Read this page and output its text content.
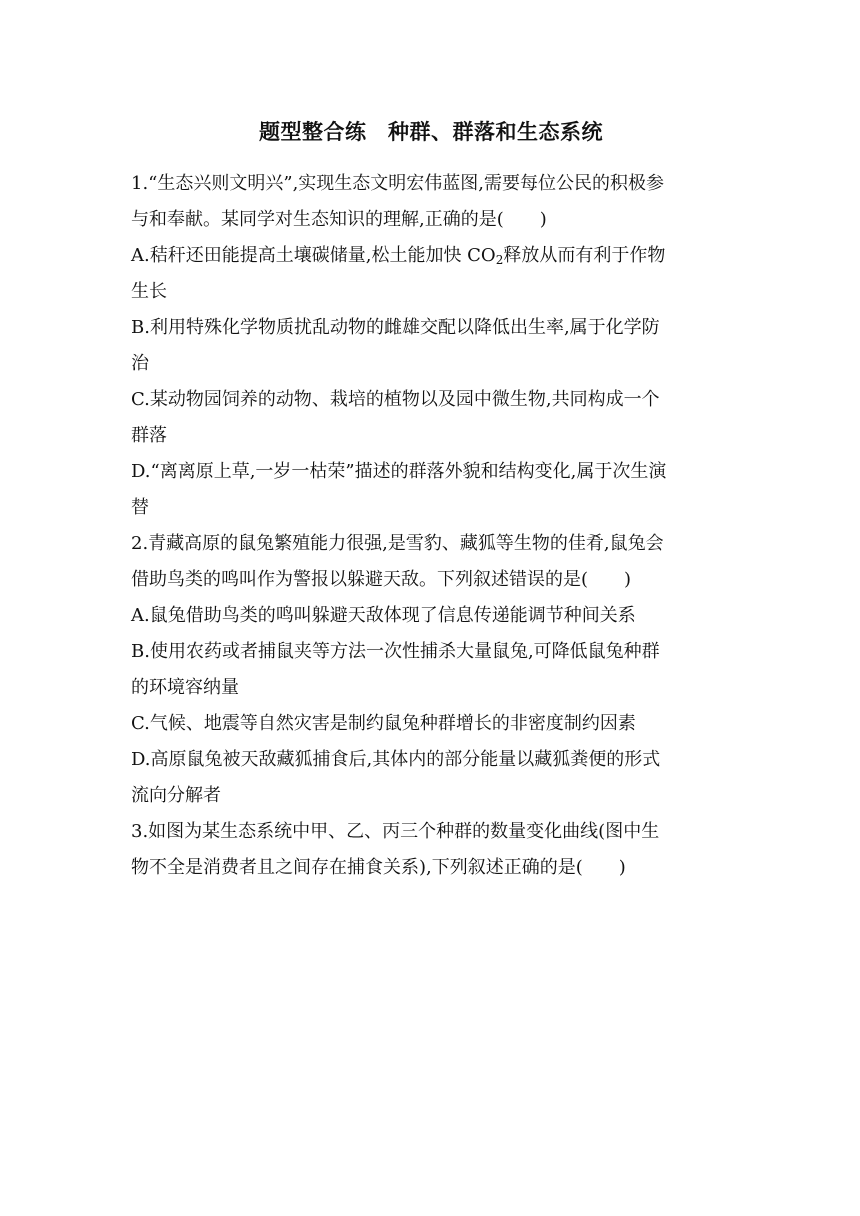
题型整合练　种群、群落和生态系统

1.“生态兴则文明兴”,实现生态文明宏伟蓝图,需要每位公民的积极参

与和奉献。某同学对生态知识的理解,正确的是(　　)

A.秸秆还田能提高土壤碳储量,松土能加快 $CO_2$释放从而有利于作物

生长

B.利用特殊化学物质扰乱动物的雌雄交配以降低出生率,属于化学防

治

C.某动物园饲养的动物、栽培的植物以及园中微生物,共同构成一个

群落

D.“离离原上草,一岁一枯荣”描述的群落外貌和结构变化,属于次生演

替

2.青藏高原的鼠兔繁殖能力很强,是雪豹、藏狐等生物的佳肴,鼠兔会

借助鸟类的鸣叫作为警报以躲避天敌。下列叙述错误的是(　　)

A.鼠兔借助鸟类的鸣叫躲避天敌体现了信息传递能调节种间关系

B.使用农药或者捕鼠夹等方法一次性捕杀大量鼠兔,可降低鼠兔种群

的环境容纳量

C.气候、地震等自然灾害是制约鼠兔种群增长的非密度制约因素

D.高原鼠兔被天敌藏狐捕食后,其体内的部分能量以藏狐粪便的形式

流向分解者

3.如图为某生态系统中甲、乙、丙三个种群的数量变化曲线(图中生

物不全是消费者且之间存在捕食关系),下列叙述正确的是(　　)
